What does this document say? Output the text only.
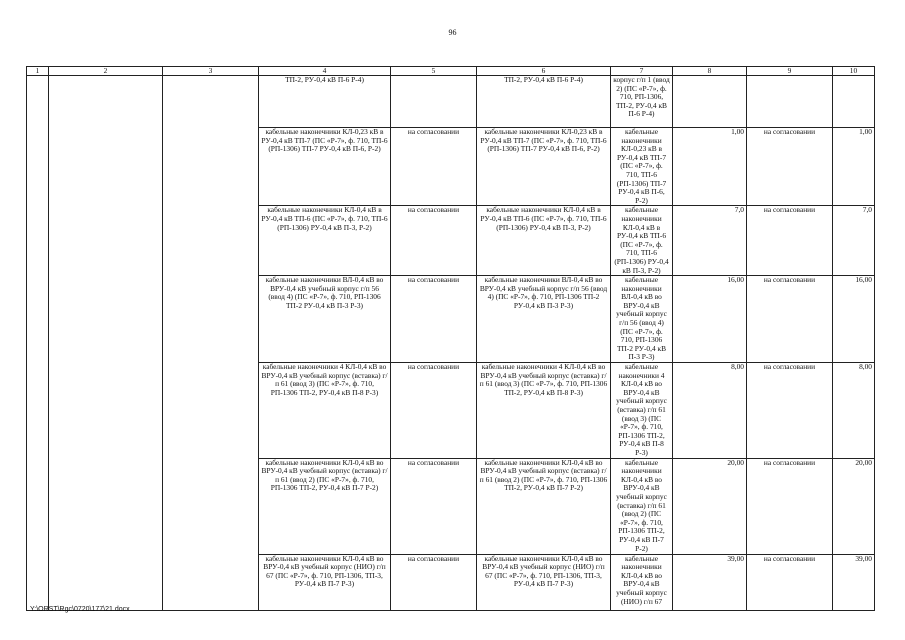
96
1	2	3	4	5	6	7	8	9	10
			ТП-2, РУ-0,4 кВ П-6 Р-4)		ТП-2, РУ-0,4 кВ П-6 Р-4)	корпус г/п 1 (ввод 2) (ПС «Р-7», ф. 710, РП-1306, ТП-2, РУ-0,4 кВ П-6 Р-4)			
			кабельные наконечники КЛ-0,23 кВ в РУ-0,4 кВ ТП-7 (ПС «Р-7», ф. 710, ТП-6 (РП-1306) ТП-7 РУ-0,4 кВ П-6, Р-2)	на согласовании	кабельные наконечники КЛ-0,23 кВ в РУ-0,4 кВ ТП-7 (ПС «Р-7», ф. 710, ТП-6 (РП-1306) ТП-7 РУ-0,4 кВ П-6, Р-2)	кабельные наконечники КЛ-0,23 кВ в РУ-0,4 кВ ТП-7 (ПС «Р-7», ф. 710, ТП-6 (РП-1306) ТП-7 РУ-0,4 кВ П-6, Р-2)	1,00	на согласовании	1,00
			кабельные наконечники КЛ-0,4 кВ в РУ-0,4 кВ ТП-6 (ПС «Р-7», ф. 710, ТП-6 (РП-1306) РУ-0,4 кВ П-3, Р-2)	на согласовании	кабельные наконечники КЛ-0,4 кВ в РУ-0,4 кВ ТП-6 (ПС «Р-7», ф. 710, ТП-6 (РП-1306) РУ-0,4 кВ П-3, Р-2)	кабельные наконечники КЛ-0,4 кВ в РУ-0,4 кВ ТП-6 (ПС «Р-7», ф. 710, ТП-6 (РП-1306) РУ-0,4 кВ П-3, Р-2)	7,0	на согласовании	7,0
			кабельные наконечники ВЛ-0,4 кВ во ВРУ-0,4 кВ учебный корпус г/п 56 (ввод 4) (ПС «Р-7», ф. 710, РП-1306 ТП-2 РУ-0,4 кВ П-3 Р-3)	на согласовании	кабельные наконечники ВЛ-0,4 кВ во ВРУ-0,4 кВ учебный корпус г/п 56 (ввод 4) (ПС «Р-7», ф. 710, РП-1306 ТП-2 РУ-0,4 кВ П-3 Р-3)	кабельные наконечники ВЛ-0,4 кВ во ВРУ-0,4 кВ учебный корпус г/п 56 (ввод 4) (ПС «Р-7», ф. 710, РП-1306 ТП-2 РУ-0,4 кВ П-3 Р-3)	16,00	на согласовании	16,00
			кабельные наконечники 4 КЛ-0,4 кВ во ВРУ-0,4 кВ учебный корпус (вставка) г/п 61 (ввод 3) (ПС «Р-7», ф. 710, РП-1306 ТП-2, РУ-0,4 кВ П-8 Р-3)	на согласовании	кабельные наконечники 4 КЛ-0,4 кВ во ВРУ-0,4 кВ учебный корпус (вставка) г/п 61 (ввод 3) (ПС «Р-7», ф. 710, РП-1306 ТП-2, РУ-0,4 кВ П-8 Р-3)	кабельные наконечники 4 КЛ-0,4 кВ во ВРУ-0,4 кВ учебный корпус (вставка) г/п 61 (ввод 3) (ПС «Р-7», ф. 710, РП-1306 ТП-2, РУ-0,4 кВ П-8 Р-3)	8,00	на согласовании	8,00
			кабельные наконечники КЛ-0,4 кВ во ВРУ-0,4 кВ учебный корпус (вставка) г/п 61 (ввод 2) (ПС «Р-7», ф. 710, РП-1306 ТП-2, РУ-0,4 кВ П-7 Р-2)	на согласовании	кабельные наконечники КЛ-0,4 кВ во ВРУ-0,4 кВ учебный корпус (вставка) г/п 61 (ввод 2) (ПС «Р-7», ф. 710, РП-1306 ТП-2, РУ-0,4 кВ П-7 Р-2)	кабельные наконечники КЛ-0,4 кВ во ВРУ-0,4 кВ учебный корпус (вставка) г/п 61 (ввод 2) (ПС «Р-7», ф. 710, РП-1306 ТП-2, РУ-0,4 кВ П-7 Р-2)	20,00	на согласовании	20,00
			кабельные наконечники КЛ-0,4 кВ во ВРУ-0,4 кВ учебный корпус (НИО) г/п 67 (ПС «Р-7», ф. 710, РП-1306, ТП-3, РУ-0,4 кВ П-7 Р-3)	на согласовании	кабельные наконечники КЛ-0,4 кВ во ВРУ-0,4 кВ учебный корпус (НИО) г/п 67 (ПС «Р-7», ф. 710, РП-1306, ТП-3, РУ-0,4 кВ П-7 Р-3)	кабельные наконечники КЛ-0,4 кВ во ВРУ-0,4 кВ учебный корпус (НИО) г/п 67	39,00	на согласовании	39,00
Y:\ORST\Rgc\0720\177\21.docx
